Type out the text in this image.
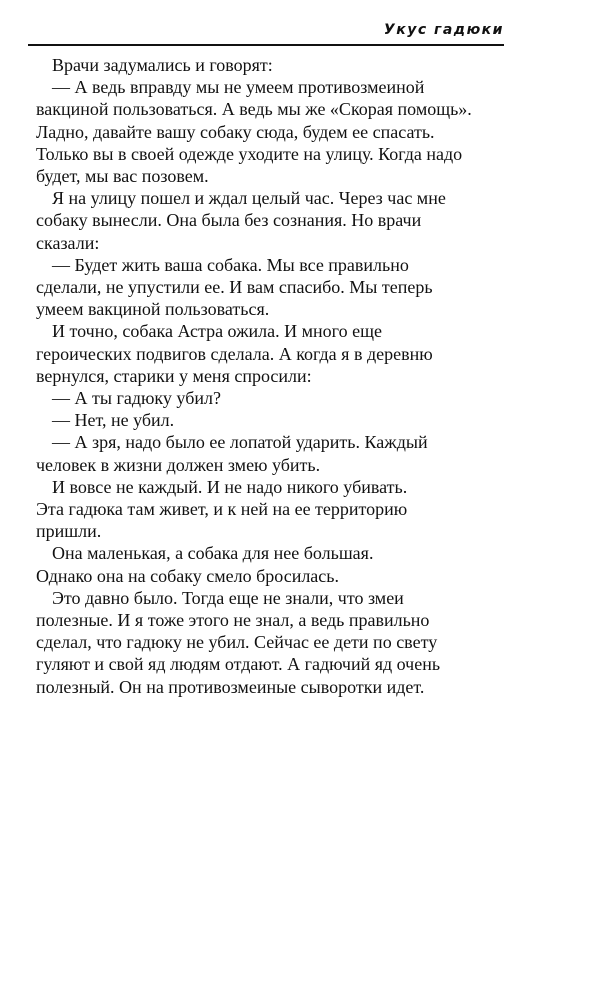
Укус гадюки
Врачи задумались и говорят:
— А ведь вправду мы не умеем противозмеиной
вакциной пользоваться. А ведь мы же «Скорая помощь».
Ладно, давайте вашу собаку сюда, будем ее спасать.
Только вы в своей одежде уходите на улицу. Когда надо
будет, мы вас позовем.
Я на улицу пошел и ждал целый час. Через час мне
собаку вынесли. Она была без сознания. Но врачи
сказали:
— Будет жить ваша собака. Мы все правильно
сделали, не упустили ее. И вам спасибо. Мы теперь
умеем вакциной пользоваться.
И точно, собака Астра ожила. И много еще
героических подвигов сделала. А когда я в деревню
вернулся, старики у меня спросили:
— А ты гадюку убил?
— Нет, не убил.
— А зря, надо было ее лопатой ударить. Каждый
человек в жизни должен змею убить.
И вовсе не каждый. И не надо никого убивать.
Эта гадюка там живет, и к ней на ее территорию
пришли.
Она маленькая, а собака для нее большая.
Однако она на собаку смело бросилась.
Это давно было. Тогда еще не знали, что змеи
полезные. И я тоже этого не знал, а ведь правильно
сделал, что гадюку не убил. Сейчас ее дети по свету
гуляют и свой яд людям отдают. А гадючий яд очень
полезный. Он на противозмеиные сыворотки идет.
